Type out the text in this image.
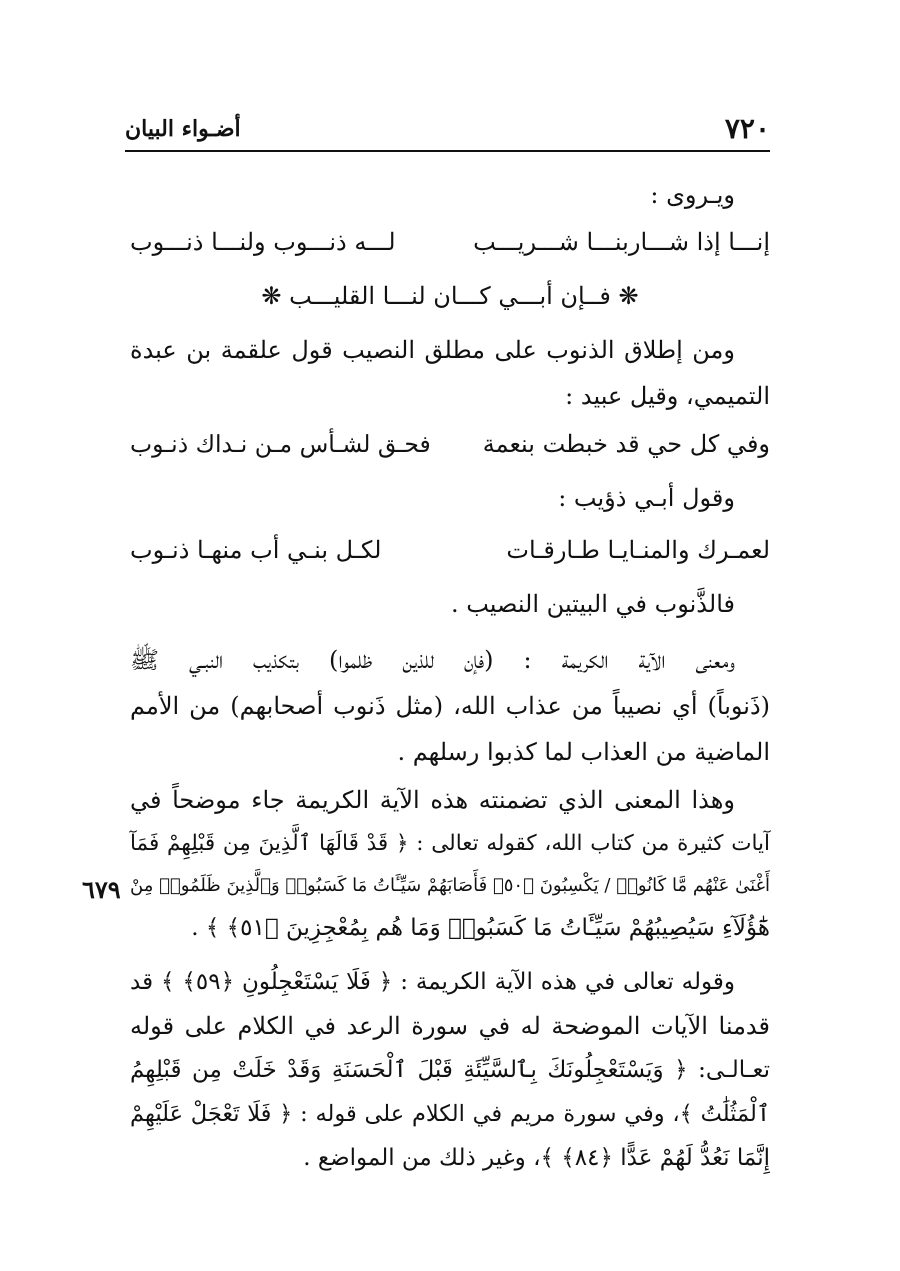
٧٢٠
أضـواء البيان
ويـروى :
إنـــا إذا شـــاربنـــا شـــريـــب
لـــه ذنـــوب ولنـــا ذنـــوب
❋ فــإن أبـــي كـــان لنـــا القليـــب ❋
ومن إطلاق الذنوب على مطلق النصيب قول علقمة بن عبدة
التميمي، وقيل عبيد :
وفي كل حي قد خبطت بنعمة
فحـق لشـأس مـن نـداك ذنـوب
وقول أبـي ذؤيب :
لعمـرك والمنـايـا طـارقـات
لكـل بنـي أب منهـا ذنـوب
فالذَّنوب في البيتين النصيب .
ومعنى الآية الكريمة : (فإن للذين ظلموا) بتكذيب النبـي ﷺ
(ذَنوباً) أي نصيباً من عذاب الله، (مثل ذَنوب أصحابهم) من الأمم
الماضية من العذاب لما كذبوا رسلهم .
وهذا المعنى الذي تضمنته هذه الآية الكريمة جاء موضحاً في
آيات كثيرة من كتاب الله، كقوله تعالى : ﴿ قَدْ قَالَهَا ٱلَّذِينَ مِن قَبْلِهِمْ فَمَآ
أَغْنَىٰ عَنْهُم مَّا كَانُوا۟ / يَكْسِبُونَ ﴿٥٠﴾ فَأَصَابَهُمْ سَيِّـَٔاتُ مَا كَسَبُوا۟ وَٱلَّذِينَ ظَلَمُوا۟ مِنْ
هَٰٓؤُلَآءِ سَيُصِيبُهُمْ سَيِّـَٔاتُ مَا كَسَبُوا۟ وَمَا هُم بِمُعْجِزِينَ ﴿٥١﴾ ﴾ .
٦٧٩
وقوله تعالى في هذه الآية الكريمة : ﴿ فَلَا يَسْتَعْجِلُونِ ﴿٥٩﴾ ﴾ قد
قدمنا الآيات الموضحة له في سورة الرعد في الكلام على قوله
تعـالـى: ﴿ وَيَسْتَعْجِلُونَكَ بِٱلسَّيِّئَةِ قَبْلَ ٱلْحَسَنَةِ وَقَدْ خَلَتْ مِن قَبْلِهِمُ
ٱلْمَثُلَٰتُ ﴾، وفي سورة مريم في الكلام على قوله : ﴿ فَلَا تَعْجَلْ عَلَيْهِمْ
إِنَّمَا نَعُدُّ لَهُمْ عَدًّا ﴿٨٤﴾ ﴾، وغير ذلك من المواضع .
